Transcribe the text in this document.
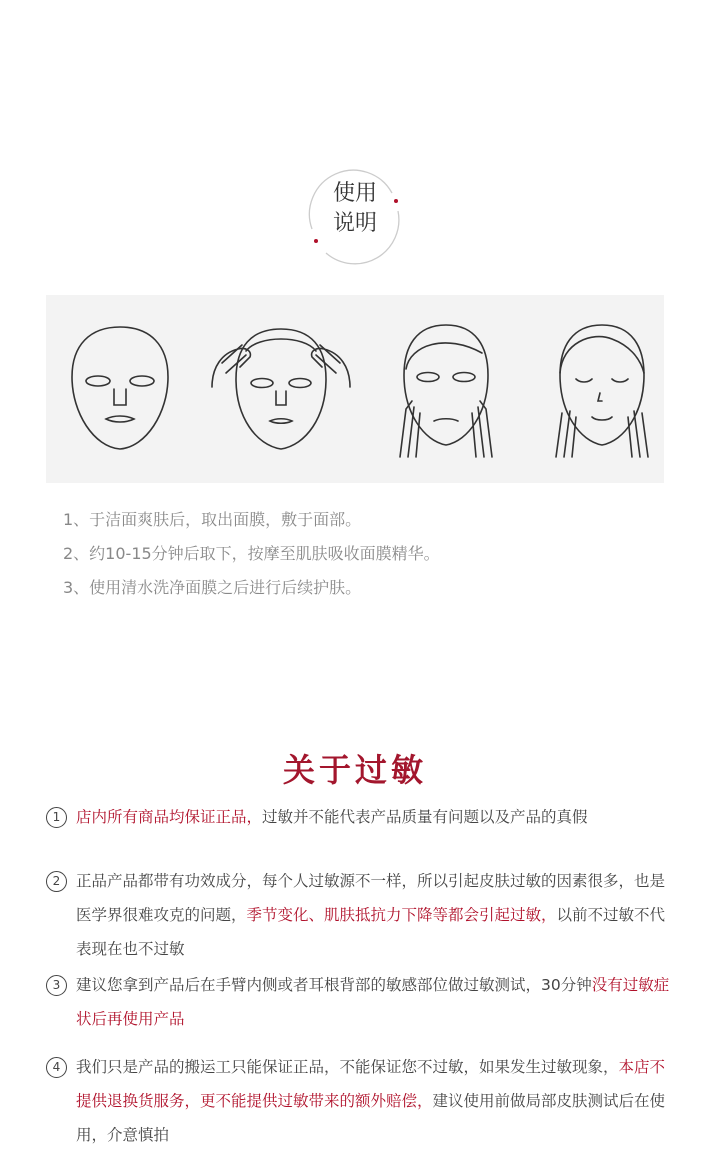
使用
说明
1、于洁面爽肤后，取出面膜，敷于面部。
2、约10-15分钟后取下，按摩至肌肤吸收面膜精华。
3、使用清水洗净面膜之后进行后续护肤。
关于过敏
1	店内所有商品均保证正品，过敏并不能代表产品质量有问题以及产品的真假
2	正品产品都带有功效成分，每个人过敏源不一样，所以引起皮肤过敏的因素很多，也是医学界很难攻克的问题，季节变化、肌肤抵抗力下降等都会引起过敏，以前不过敏不代表现在也不过敏
3	建议您拿到产品后在手臂内侧或者耳根背部的敏感部位做过敏测试，30分钟没有过敏症状后再使用产品
4	我们只是产品的搬运工只能保证正品，不能保证您不过敏，如果发生过敏现象，本店不提供退换货服务，更不能提供过敏带来的额外赔偿，建议使用前做局部皮肤测试后在使用，介意慎拍
